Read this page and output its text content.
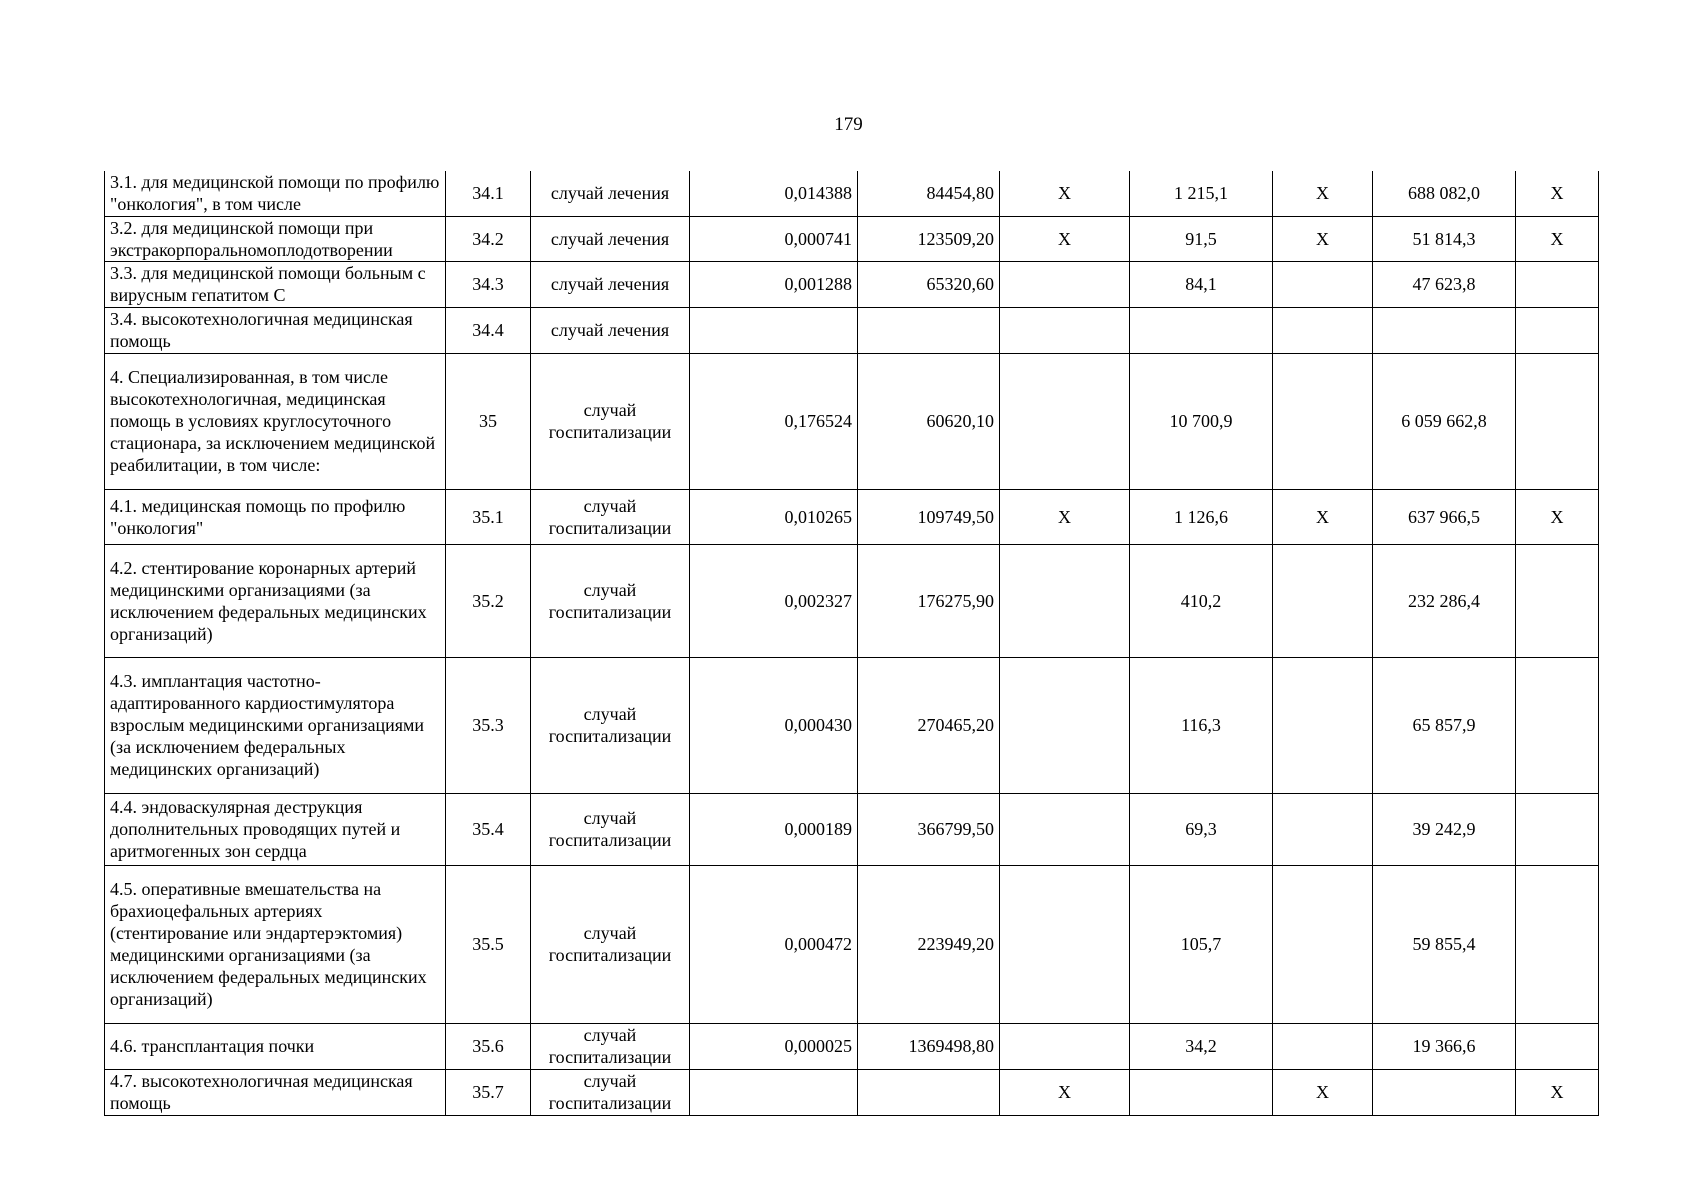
179
3.1. для медицинской помощи по профилю "онкология", в том числе	34.1	случай лечения	0,014388	84454,80	Х	1 215,1	Х	688 082,0	Х
3.2. для медицинской помощи при экстракорпоральномоплодотворении	34.2	случай лечения	0,000741	123509,20	Х	91,5	Х	51 814,3	Х
3.3. для медицинской помощи больным с вирусным гепатитом С	34.3	случай лечения	0,001288	65320,60		84,1		47 623,8	
3.4. высокотехнологичная медицинская помощь	34.4	случай лечения							
4. Специализированная, в том числе высокотехнологичная, медицинская помощь в условиях круглосуточного стационара, за исключением медицинской реабилитации, в том числе:	35	случай госпитализации	0,176524	60620,10		10 700,9		6 059 662,8	
4.1. медицинская помощь по профилю "онкология"	35.1	случай госпитализации	0,010265	109749,50	Х	1 126,6	Х	637 966,5	Х
4.2. стентирование коронарных артерий медицинскими организациями (за исключением федеральных медицинских организаций)	35.2	случай госпитализации	0,002327	176275,90		410,2		232 286,4	
4.3. имплантация частотно-адаптированного кардиостимулятора взрослым медицинскими организациями (за исключением федеральных медицинских организаций)	35.3	случай госпитализации	0,000430	270465,20		116,3		65 857,9	
4.4. эндоваскулярная деструкция дополнительных проводящих путей и аритмогенных зон сердца	35.4	случай госпитализации	0,000189	366799,50		69,3		39 242,9	
4.5. оперативные вмешательства на брахиоцефальных артериях (стентирование или эндартерэктомия) медицинскими организациями (за исключением федеральных медицинских организаций)	35.5	случай госпитализации	0,000472	223949,20		105,7		59 855,4	
4.6. трансплантация почки	35.6	случай госпитализации	0,000025	1369498,80		34,2		19 366,6	
4.7. высокотехнологичная медицинская помощь	35.7	случай госпитализации			Х		Х		Х
